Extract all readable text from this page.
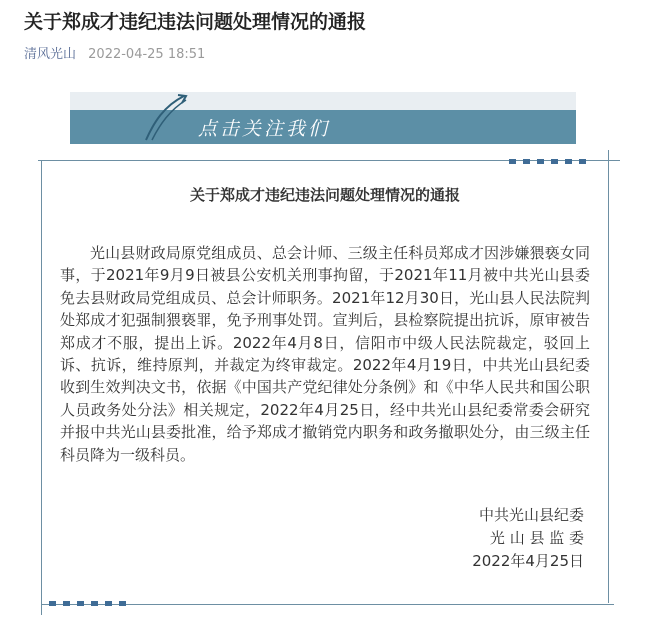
关于郑成才违纪违法问题处理情况的通报
清风光山 2022-04-25 18:51
点击关注我们
关于郑成才违纪违法问题处理情况的通报

光山县财政局原党组成员、总会计师、三级主任科员郑成才因涉嫌猥亵女同事，于2021年9月9日被县公安机关刑事拘留，于2021年11月被中共光山县委免去县财政局党组成员、总会计师职务。2021年12月30日，光山县人民法院判处郑成才犯强制猥亵罪，免予刑事处罚。宣判后，县检察院提出抗诉，原审被告郑成才不服，提出上诉。2022年4月8日，信阳市中级人民法院裁定，驳回上诉、抗诉，维持原判，并裁定为终审裁定。2022年4月19日，中共光山县纪委收到生效判决文书，依据《中国共产党纪律处分条例》和《中华人民共和国公职人员政务处分法》相关规定，2022年4月25日，经中共光山县纪委常委会研究并报中共光山县委批准，给予郑成才撤销党内职务和政务撤职处分，由三级主任科员降为一级科员。

中共光山县纪委
光 山 县 监 委
2022年4月25日
